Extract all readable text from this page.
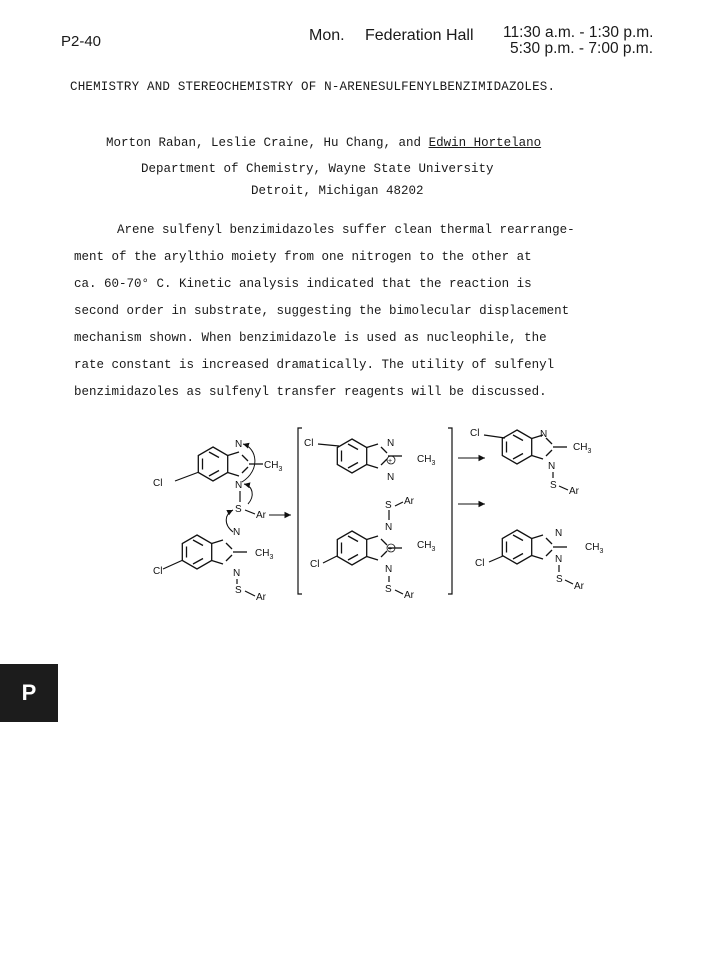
P2-40	Mon. Federation Hall 11:30 a.m. - 1:30 p.m.
5:30 p.m. - 7:00 p.m.
CHEMISTRY AND STEREOCHEMISTRY OF N-ARENESULFENYLBENZIMIDAZOLES.
Morton Raban, Leslie Craine, Hu Chang, and Edwin Hortelano
Department of Chemistry, Wayne State University
Detroit, Michigan 48202
Arene sulfenyl benzimidazoles suffer clean thermal rearrange-
ment of the arylthio moiety from one nitrogen to the other at
ca. 60-70° C. Kinetic analysis indicated that the reaction is
second order in substrate, suggesting the bimolecular displacement
mechanism shown. When benzimidazole is used as nucleophile, the
rate constant is increased dramatically. The utility of sulfenyl
benzimidazoles as sulfenyl transfer reagents will be discussed.
N
N
$CH_3$
Cl
S
Ar
N
N
$CH_3$
Cl
S
Ar
Cl	N
N
+ $CH_3$
S Ar
N
N
+ $CH_3$
Cl
S
Ar
Cl	N
N
$CH_3$
S
Ar
N
N
$CH_3$
Cl
S
Ar
P
